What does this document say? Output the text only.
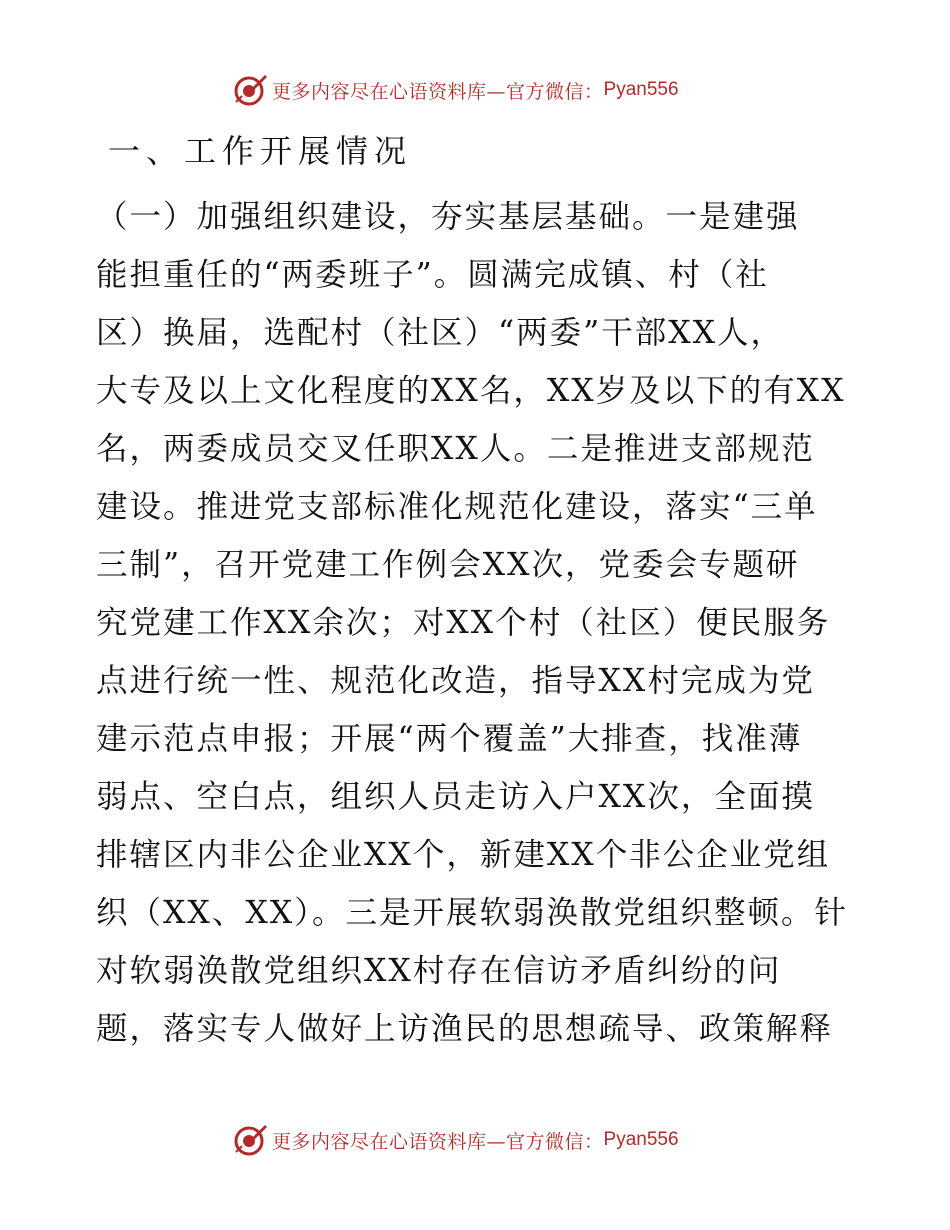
更多内容尽在心语资料库—官方微信： Pyan556
一、工作开展情况
（一）加强组织建设，夯实基层基础。一是建强
能担重任的“两委班子”。圆满完成镇、村（社
区）换届，选配村（社区）“两委”干部XX人，
大专及以上文化程度的XX名，XX岁及以下的有XX
名，两委成员交叉任职XX人。二是推进支部规范
建设。推进党支部标准化规范化建设，落实“三单
三制”，召开党建工作例会XX次，党委会专题研
究党建工作XX余次；对XX个村（社区）便民服务
点进行统一性、规范化改造，指导XX村完成为党
建示范点申报；开展“两个覆盖”大排查，找准薄
弱点、空白点，组织人员走访入户XX次，全面摸
排辖区内非公企业XX个，新建XX个非公企业党组
织（XX、XX）。三是开展软弱涣散党组织整顿。针
对软弱涣散党组织XX村存在信访矛盾纠纷的问
题，落实专人做好上访渔民的思想疏导、政策解释
更多内容尽在心语资料库—官方微信： Pyan556
